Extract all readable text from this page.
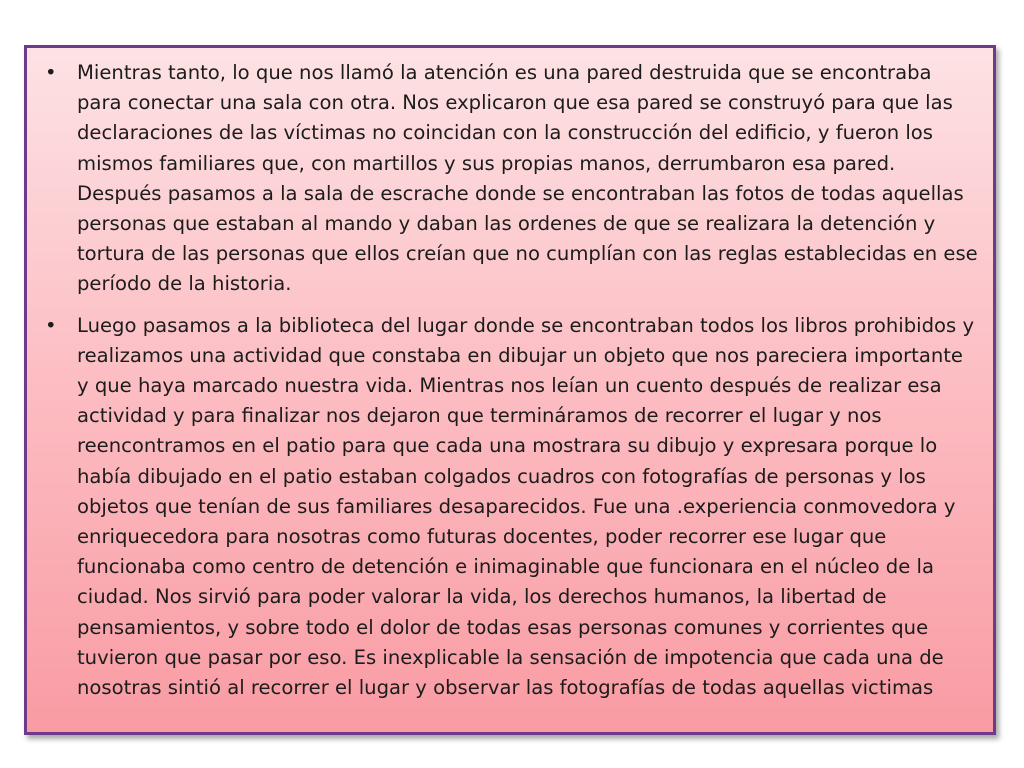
•	Mientras tanto, lo que nos llamó la atención es una pared destruida que se encontraba para conectar una sala con otra. Nos explicaron que esa pared se construyó para que las declaraciones de las víctimas no coincidan con la construcción del edificio, y fueron los mismos familiares que, con martillos y sus propias manos, derrumbaron esa pared. Después pasamos a la sala de escrache donde se encontraban las fotos de todas aquellas personas que estaban al mando y daban las ordenes de que se realizara la detención y tortura de las personas que ellos creían que no cumplían con las reglas establecidas en ese período de la historia.
•	Luego pasamos a la biblioteca del lugar donde se encontraban todos los libros prohibidos y realizamos una actividad que constaba en dibujar un objeto que nos pareciera importante y que haya marcado nuestra vida. Mientras nos leían un cuento después de realizar esa actividad y para finalizar nos dejaron que termináramos de recorrer el lugar y nos reencontramos en el patio para que cada una mostrara su dibujo y expresara porque lo había dibujado en el patio estaban colgados cuadros con fotografías de personas y los objetos que tenían de sus familiares desaparecidos. Fue una .experiencia conmovedora y enriquecedora para nosotras como futuras docentes, poder recorrer ese lugar que funcionaba como centro de detención e inimaginable que funcionara en el núcleo de la ciudad. Nos sirvió para poder valorar la vida, los derechos humanos, la libertad de pensamientos, y sobre todo el dolor de todas esas personas comunes y corrientes que tuvieron que pasar por eso. Es inexplicable la sensación de impotencia que cada una de nosotras sintió al recorrer el lugar y observar las fotografías de todas aquellas victimas
